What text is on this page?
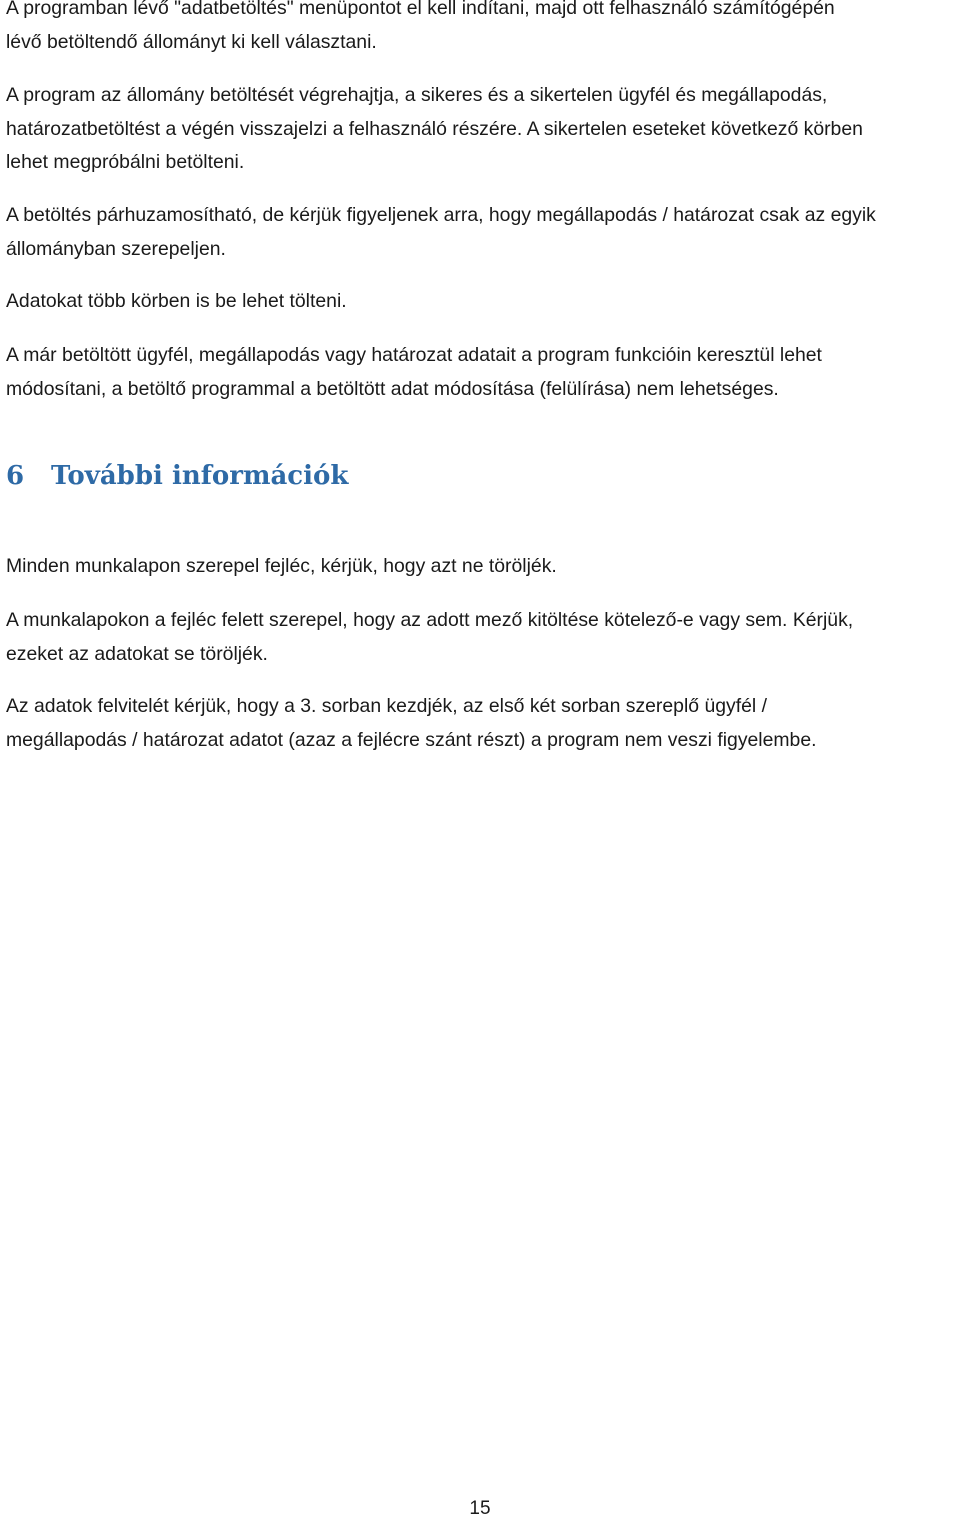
A programban lévő "adatbetöltés" menüpontot el kell indítani, majd ott felhasználó számítógépén
lévő betöltendő állományt ki kell választani.

A program az állomány betöltését végrehajtja, a sikeres és a sikertelen ügyfél és megállapodás,
határozatbetöltést a végén visszajelzi a felhasználó részére. A sikertelen eseteket következő körben
lehet megpróbálni betölteni.

A betöltés párhuzamosítható, de kérjük figyeljenek arra, hogy megállapodás / határozat csak az egyik
állományban szerepeljen.

Adatokat több körben is be lehet tölteni.

A már betöltött ügyfél, megállapodás vagy határozat adatait a program funkcióin keresztül lehet
módosítani, a betöltő programmal a betöltött adat módosítása (felülírása) nem lehetséges.

6 További információk

Minden munkalapon szerepel fejléc, kérjük, hogy azt ne töröljék.

A munkalapokon a fejléc felett szerepel, hogy az adott mező kitöltése kötelező-e vagy sem. Kérjük,
ezeket az adatokat se töröljék.

Az adatok felvitelét kérjük, hogy a 3. sorban kezdjék, az első két sorban szereplő ügyfél /
megállapodás / határozat adatot (azaz a fejlécre szánt részt) a program nem veszi figyelembe.

15
